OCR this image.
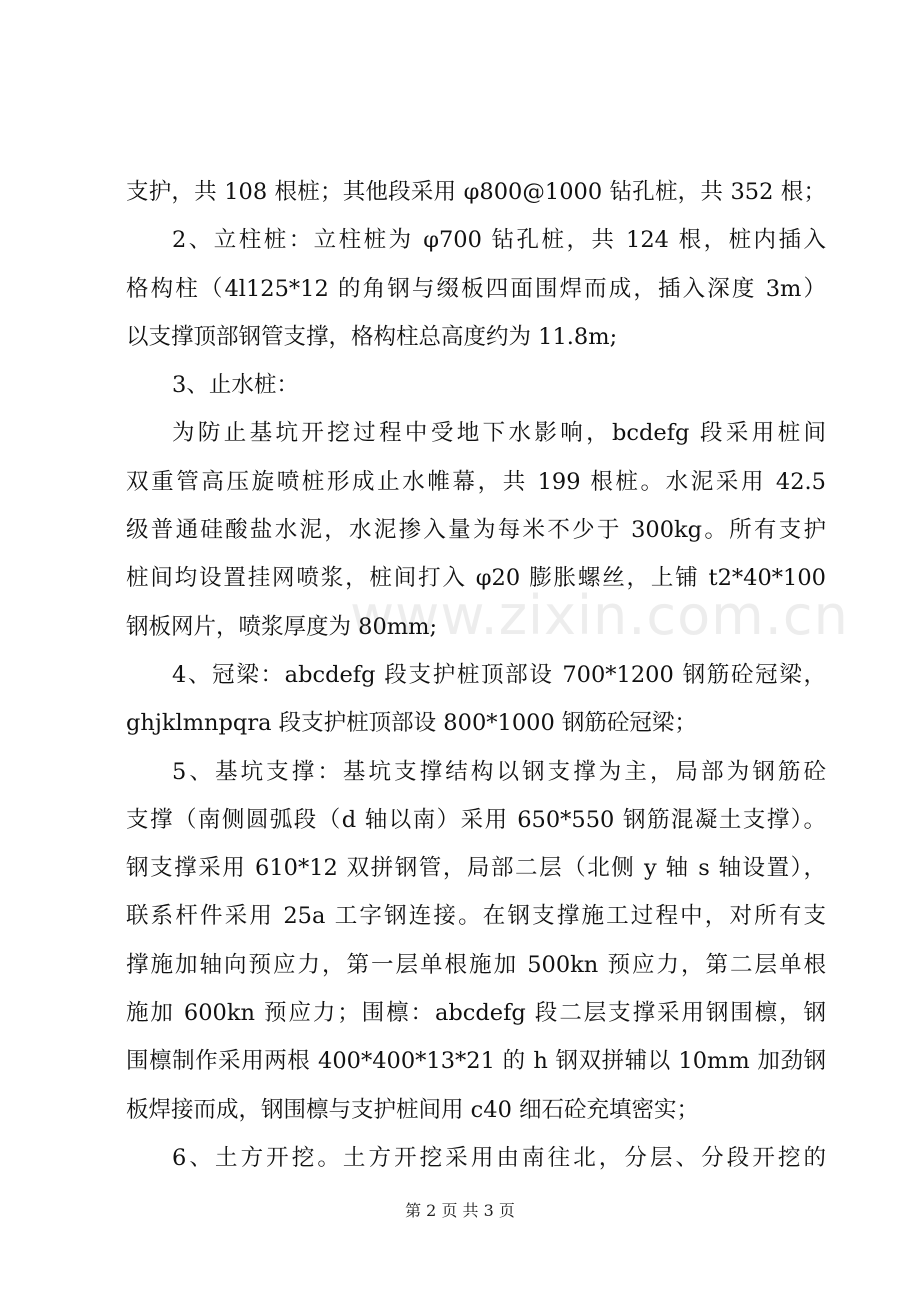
www.zixin.com.cn
支护，共 108 根桩；其他段采用 φ800@1000 钻孔桩，共 352 根；
2、立柱桩：立柱桩为 φ700 钻孔桩，共 124 根，桩内插入
格构柱（4l125*12 的角钢与缀板四面围焊而成，插入深度 3m）
以支撑顶部钢管支撑，格构柱总高度约为 11.8m;
3、止水桩：
为防止基坑开挖过程中受地下水影响，bcdefg 段采用桩间
双重管高压旋喷桩形成止水帷幕，共 199 根桩。水泥采用 42.5
级普通硅酸盐水泥，水泥掺入量为每米不少于 300kg。所有支护
桩间均设置挂网喷浆，桩间打入 φ20 膨胀螺丝，上铺 t2*40*100
钢板网片，喷浆厚度为 80mm;
4、冠梁：abcdefg 段支护桩顶部设 700*1200 钢筋砼冠梁，
ghjklmnpqra 段支护桩顶部设 800*1000 钢筋砼冠梁；
5、基坑支撑：基坑支撑结构以钢支撑为主，局部为钢筋砼
支撑（南侧圆弧段（d 轴以南）采用 650*550 钢筋混凝土支撑）。
钢支撑采用 610*12 双拼钢管，局部二层（北侧 y 轴 s 轴设置），
联系杆件采用 25a 工字钢连接。在钢支撑施工过程中，对所有支
撑施加轴向预应力，第一层单根施加 500kn 预应力，第二层单根
施加 600kn 预应力；围檩：abcdefg 段二层支撑采用钢围檩，钢
围檩制作采用两根 400*400*13*21 的 h 钢双拼辅以 10mm 加劲钢
板焊接而成，钢围檩与支护桩间用 c40 细石砼充填密实；
6、土方开挖。土方开挖采用由南往北，分层、分段开挖的
第 2 页 共 3 页
